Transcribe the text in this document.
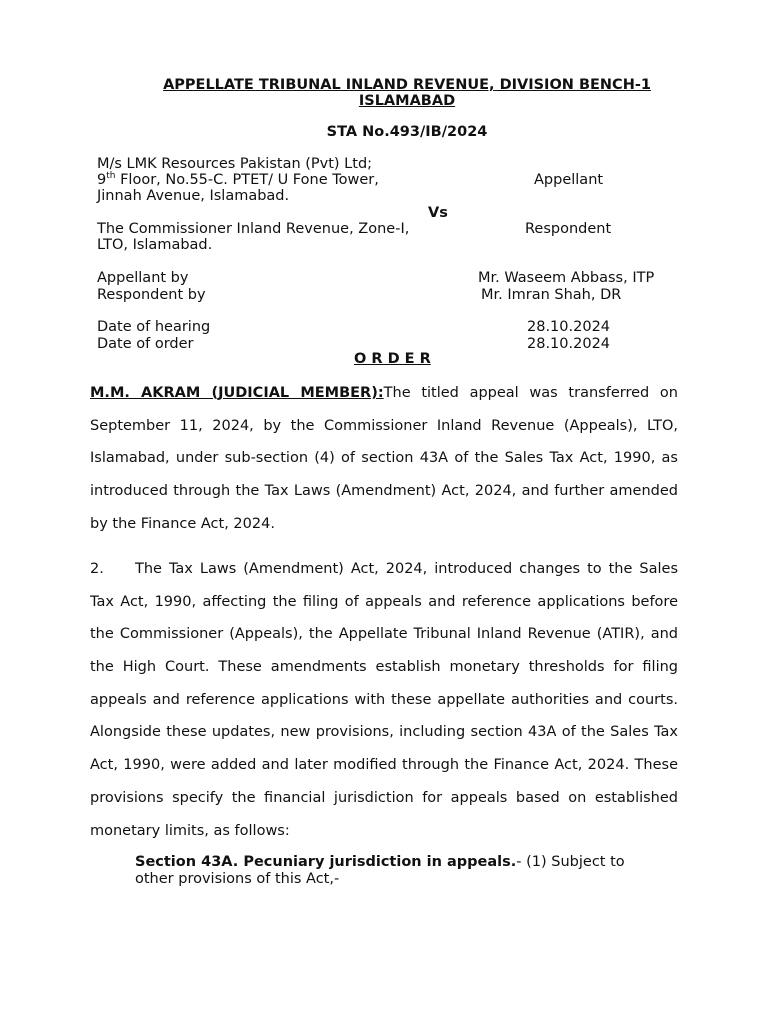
APPELLATE TRIBUNAL INLAND REVENUE, DIVISION BENCH-1
ISLAMABAD
STA No.493/IB/2024
M/s LMK Resources Pakistan (Pvt) Ltd;
9th Floor, No.55-C. PTET/ U Fone Tower,
Jinnah Avenue, Islamabad.
Appellant
Vs
The Commissioner Inland Revenue, Zone-I,
LTO, Islamabad.
Respondent
Appellant by	Mr. Waseem Abbass, ITP
Respondent by	Mr. Imran Shah, DR
Date of hearing	28.10.2024
Date of order	28.10.2024
O R D E R
M.M. AKRAM (JUDICIAL MEMBER):The titled appeal was transferred on
September 11, 2024, by the Commissioner Inland Revenue (Appeals), LTO,
Islamabad, under sub-section (4) of section 43A of the Sales Tax Act, 1990, as
introduced through the Tax Laws (Amendment) Act, 2024, and further amended
by the Finance Act, 2024.
2. The Tax Laws (Amendment) Act, 2024, introduced changes to the Sales
Tax Act, 1990, affecting the filing of appeals and reference applications before
the Commissioner (Appeals), the Appellate Tribunal Inland Revenue (ATIR), and
the High Court. These amendments establish monetary thresholds for filing
appeals and reference applications with these appellate authorities and courts.
Alongside these updates, new provisions, including section 43A of the Sales Tax
Act, 1990, were added and later modified through the Finance Act, 2024. These
provisions specify the financial jurisdiction for appeals based on established
monetary limits, as follows:
Section 43A. Pecuniary jurisdiction in appeals.- (1) Subject to
other provisions of this Act,-
